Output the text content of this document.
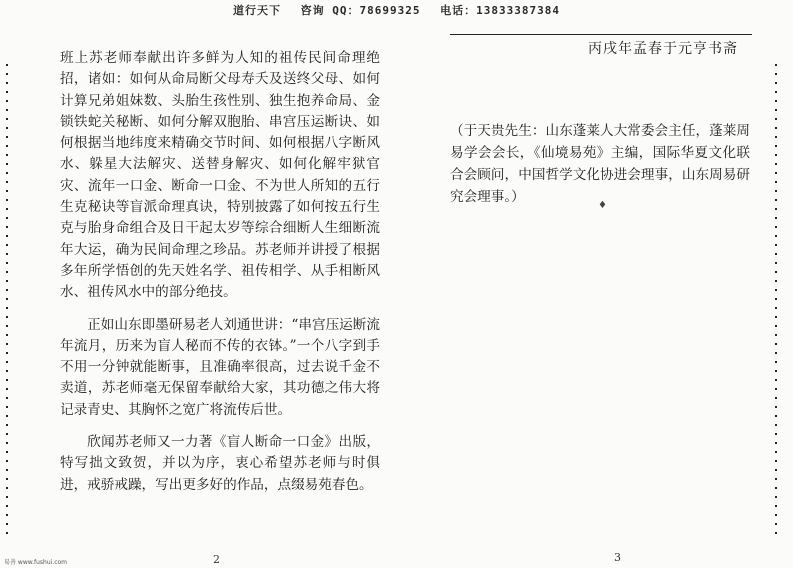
道行天下 咨询 QQ：78699325 电话：13833387384

班上苏老师奉献出许多鲜为人知的祖传民间命理绝招，诸如：如何从命局断父母寿夭及送终父母、如何计算兄弟姐妹数、头胎生孩性别、独生抱养命局、金锁铁蛇关秘断、如何分解双胞胎、串宫压运断诀、如何根据当地纬度来精确交节时间、如何根据八字断风水、躲星大法解灾、送替身解灾、如何化解牢狱官灾、流年一口金、断命一口金、不为世人所知的五行生克秘诀等盲派命理真诀，特别披露了如何按五行生克与胎身命组合及日干起太岁等综合细断人生细断流年大运，确为民间命理之珍品。苏老师并讲授了根据多年所学悟创的先天姓名学、祖传相学、从手相断风水、祖传风水中的部分绝技。

正如山东即墨研易老人刘通世讲：“串宫压运断流年流月，历来为盲人秘而不传的衣钵。”一个八字到手不用一分钟就能断事，且准确率很高，过去说千金不卖道，苏老师毫无保留奉献给大家，其功德之伟大将记录青史、其胸怀之宽广将流传后世。

欣闻苏老师又一力著《盲人断命一口金》出版，特写拙文致贺，并以为序，衷心希望苏老师与时俱进，戒骄戒躁，写出更多好的作品，点缀易苑春色。

2
丙戌年孟春于元亨书斋
（于天贵先生：山东蓬莱人大常委会主任，蓬莱周易学会会长，《仙境易苑》主编，国际华夏文化联合会顾问，中国哲学文化协进会理事，山东周易研究会理事。）
♦
3
易善 www.fushui.com
